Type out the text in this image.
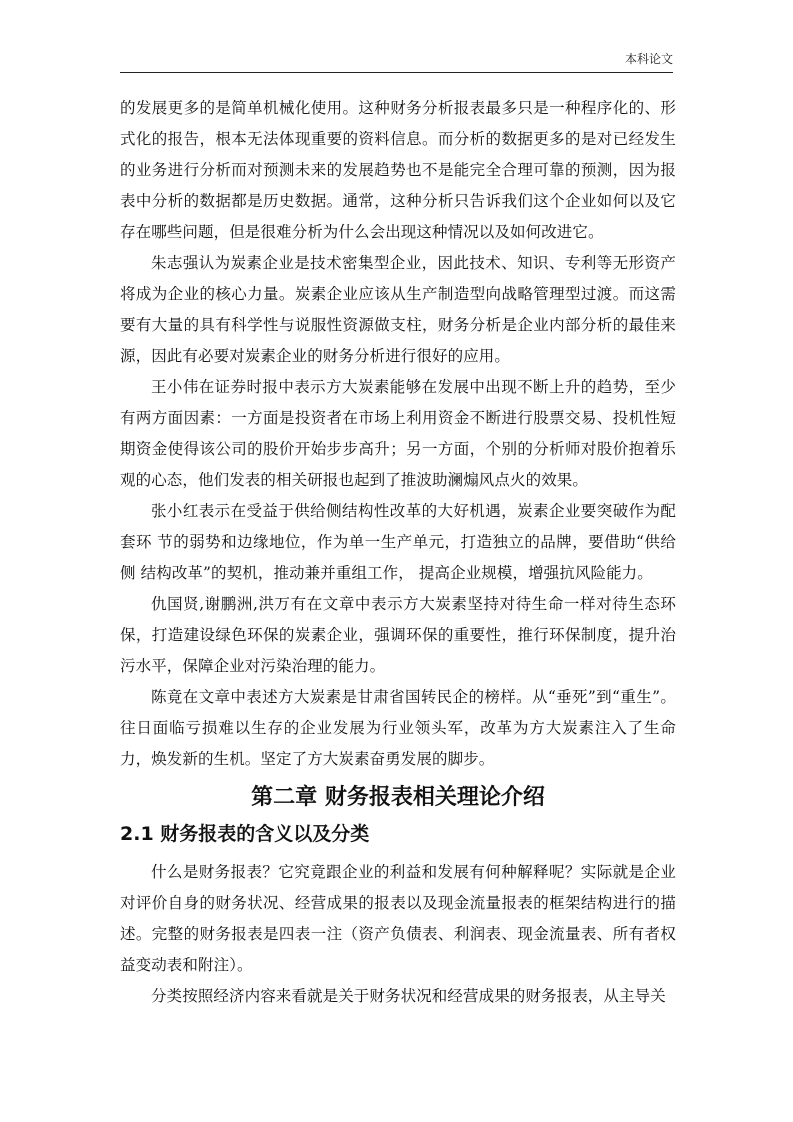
本科论文

的发展更多的是简单机械化使用。这种财务分析报表最多只是一种程序化的、形式化的报告，根本无法体现重要的资料信息。而分析的数据更多的是对已经发生的业务进行分析而对预测未来的发展趋势也不是能完全合理可靠的预测，因为报表中分析的数据都是历史数据。通常，这种分析只告诉我们这个企业如何以及它存在哪些问题，但是很难分析为什么会出现这种情况以及如何改进它。

朱志强认为炭素企业是技术密集型企业，因此技术、知识、专利等无形资产将成为企业的核心力量。炭素企业应该从生产制造型向战略管理型过渡。而这需要有大量的具有科学性与说服性资源做支柱，财务分析是企业内部分析的最佳来源，因此有必要对炭素企业的财务分析进行很好的应用。

王小伟在证券时报中表示方大炭素能够在发展中出现不断上升的趋势，至少有两方面因素：一方面是投资者在市场上利用资金不断进行股票交易、投机性短期资金使得该公司的股价开始步步高升；另一方面，个别的分析师对股价抱着乐观的心态，他们发表的相关研报也起到了推波助澜煽风点火的效果。

张小红表示在受益于供给侧结构性改革的大好机遇，炭素企业要突破作为配套环 节的弱势和边缘地位，作为单一生产单元，打造独立的品牌，要借助“供给侧 结构改革”的契机，推动兼并重组工作， 提高企业规模，增强抗风险能力。

仇国贤,谢鹏洲,洪万有在文章中表示方大炭素坚持对待生命一样对待生态环保，打造建设绿色环保的炭素企业，强调环保的重要性，推行环保制度，提升治污水平，保障企业对污染治理的能力。

陈竟在文章中表述方大炭素是甘肃省国转民企的榜样。从“垂死”到“重生”。往日面临亏损难以生存的企业发展为行业领头军，改革为方大炭素注入了生命力，焕发新的生机。坚定了方大炭素奋勇发展的脚步。

第二章 财务报表相关理论介绍
2.1 财务报表的含义以及分类

什么是财务报表？它究竟跟企业的利益和发展有何种解释呢？实际就是企业对评价自身的财务状况、经营成果的报表以及现金流量报表的框架结构进行的描述。完整的财务报表是四表一注（资产负债表、利润表、现金流量表、所有者权益变动表和附注）。

分类按照经济内容来看就是关于财务状况和经营成果的财务报表，从主导关
